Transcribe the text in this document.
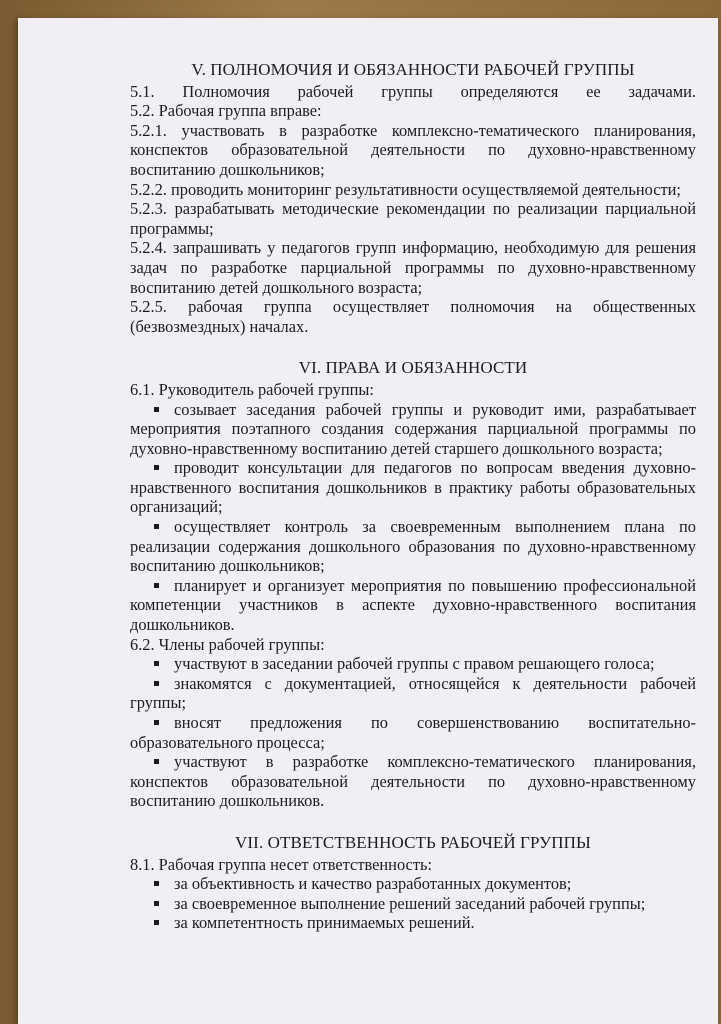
V. ПОЛНОМОЧИЯ И ОБЯЗАННОСТИ РАБОЧЕЙ ГРУППЫ

5.1. Полномочия рабочей группы определяются ее задачами.

5.2. Рабочая группа вправе:

5.2.1. участвовать в разработке комплексно-тематического планирования, конспектов образовательной деятельности по духовно-нравственному воспитанию дошкольников;

5.2.2. проводить мониторинг результативности осуществляемой деятельности;

5.2.3. разрабатывать методические рекомендации по реализации парциальной программы;

5.2.4. запрашивать у педагогов групп информацию, необходимую для решения задач по разработке парциальной программы по духовно-нравственному воспитанию детей дошкольного возраста;

5.2.5. рабочая группа осуществляет полномочия на общественных (безвозмездных) началах.

VI. ПРАВА И ОБЯЗАННОСТИ

6.1. Руководитель рабочей группы:

созывает заседания рабочей группы и руководит ими, разрабатывает мероприятия поэтапного создания содержания парциальной программы по духовно-нравственному воспитанию детей старшего дошкольного возраста;

проводит консультации для педагогов по вопросам введения духовно-нравственного воспитания дошкольников в практику работы образовательных организаций;

осуществляет контроль за своевременным выполнением плана по реализации содержания дошкольного образования по духовно-нравственному воспитанию дошкольников;

планирует и организует мероприятия по повышению профессиональной компетенции участников в аспекте духовно-нравственного воспитания дошкольников.

6.2. Члены рабочей группы:

участвуют в заседании рабочей группы с правом решающего голоса;

знакомятся с документацией, относящейся к деятельности рабочей группы;

вносят предложения по совершенствованию воспитательно-образовательного процесса;

участвуют в разработке комплексно-тематического планирования, конспектов образовательной деятельности по духовно-нравственному воспитанию дошкольников.

VII. ОТВЕТСТВЕННОСТЬ РАБОЧЕЙ ГРУППЫ

8.1. Рабочая группа несет ответственность:

за объективность и качество разработанных документов;

за своевременное выполнение решений заседаний рабочей группы;

за компетентность принимаемых решений.
